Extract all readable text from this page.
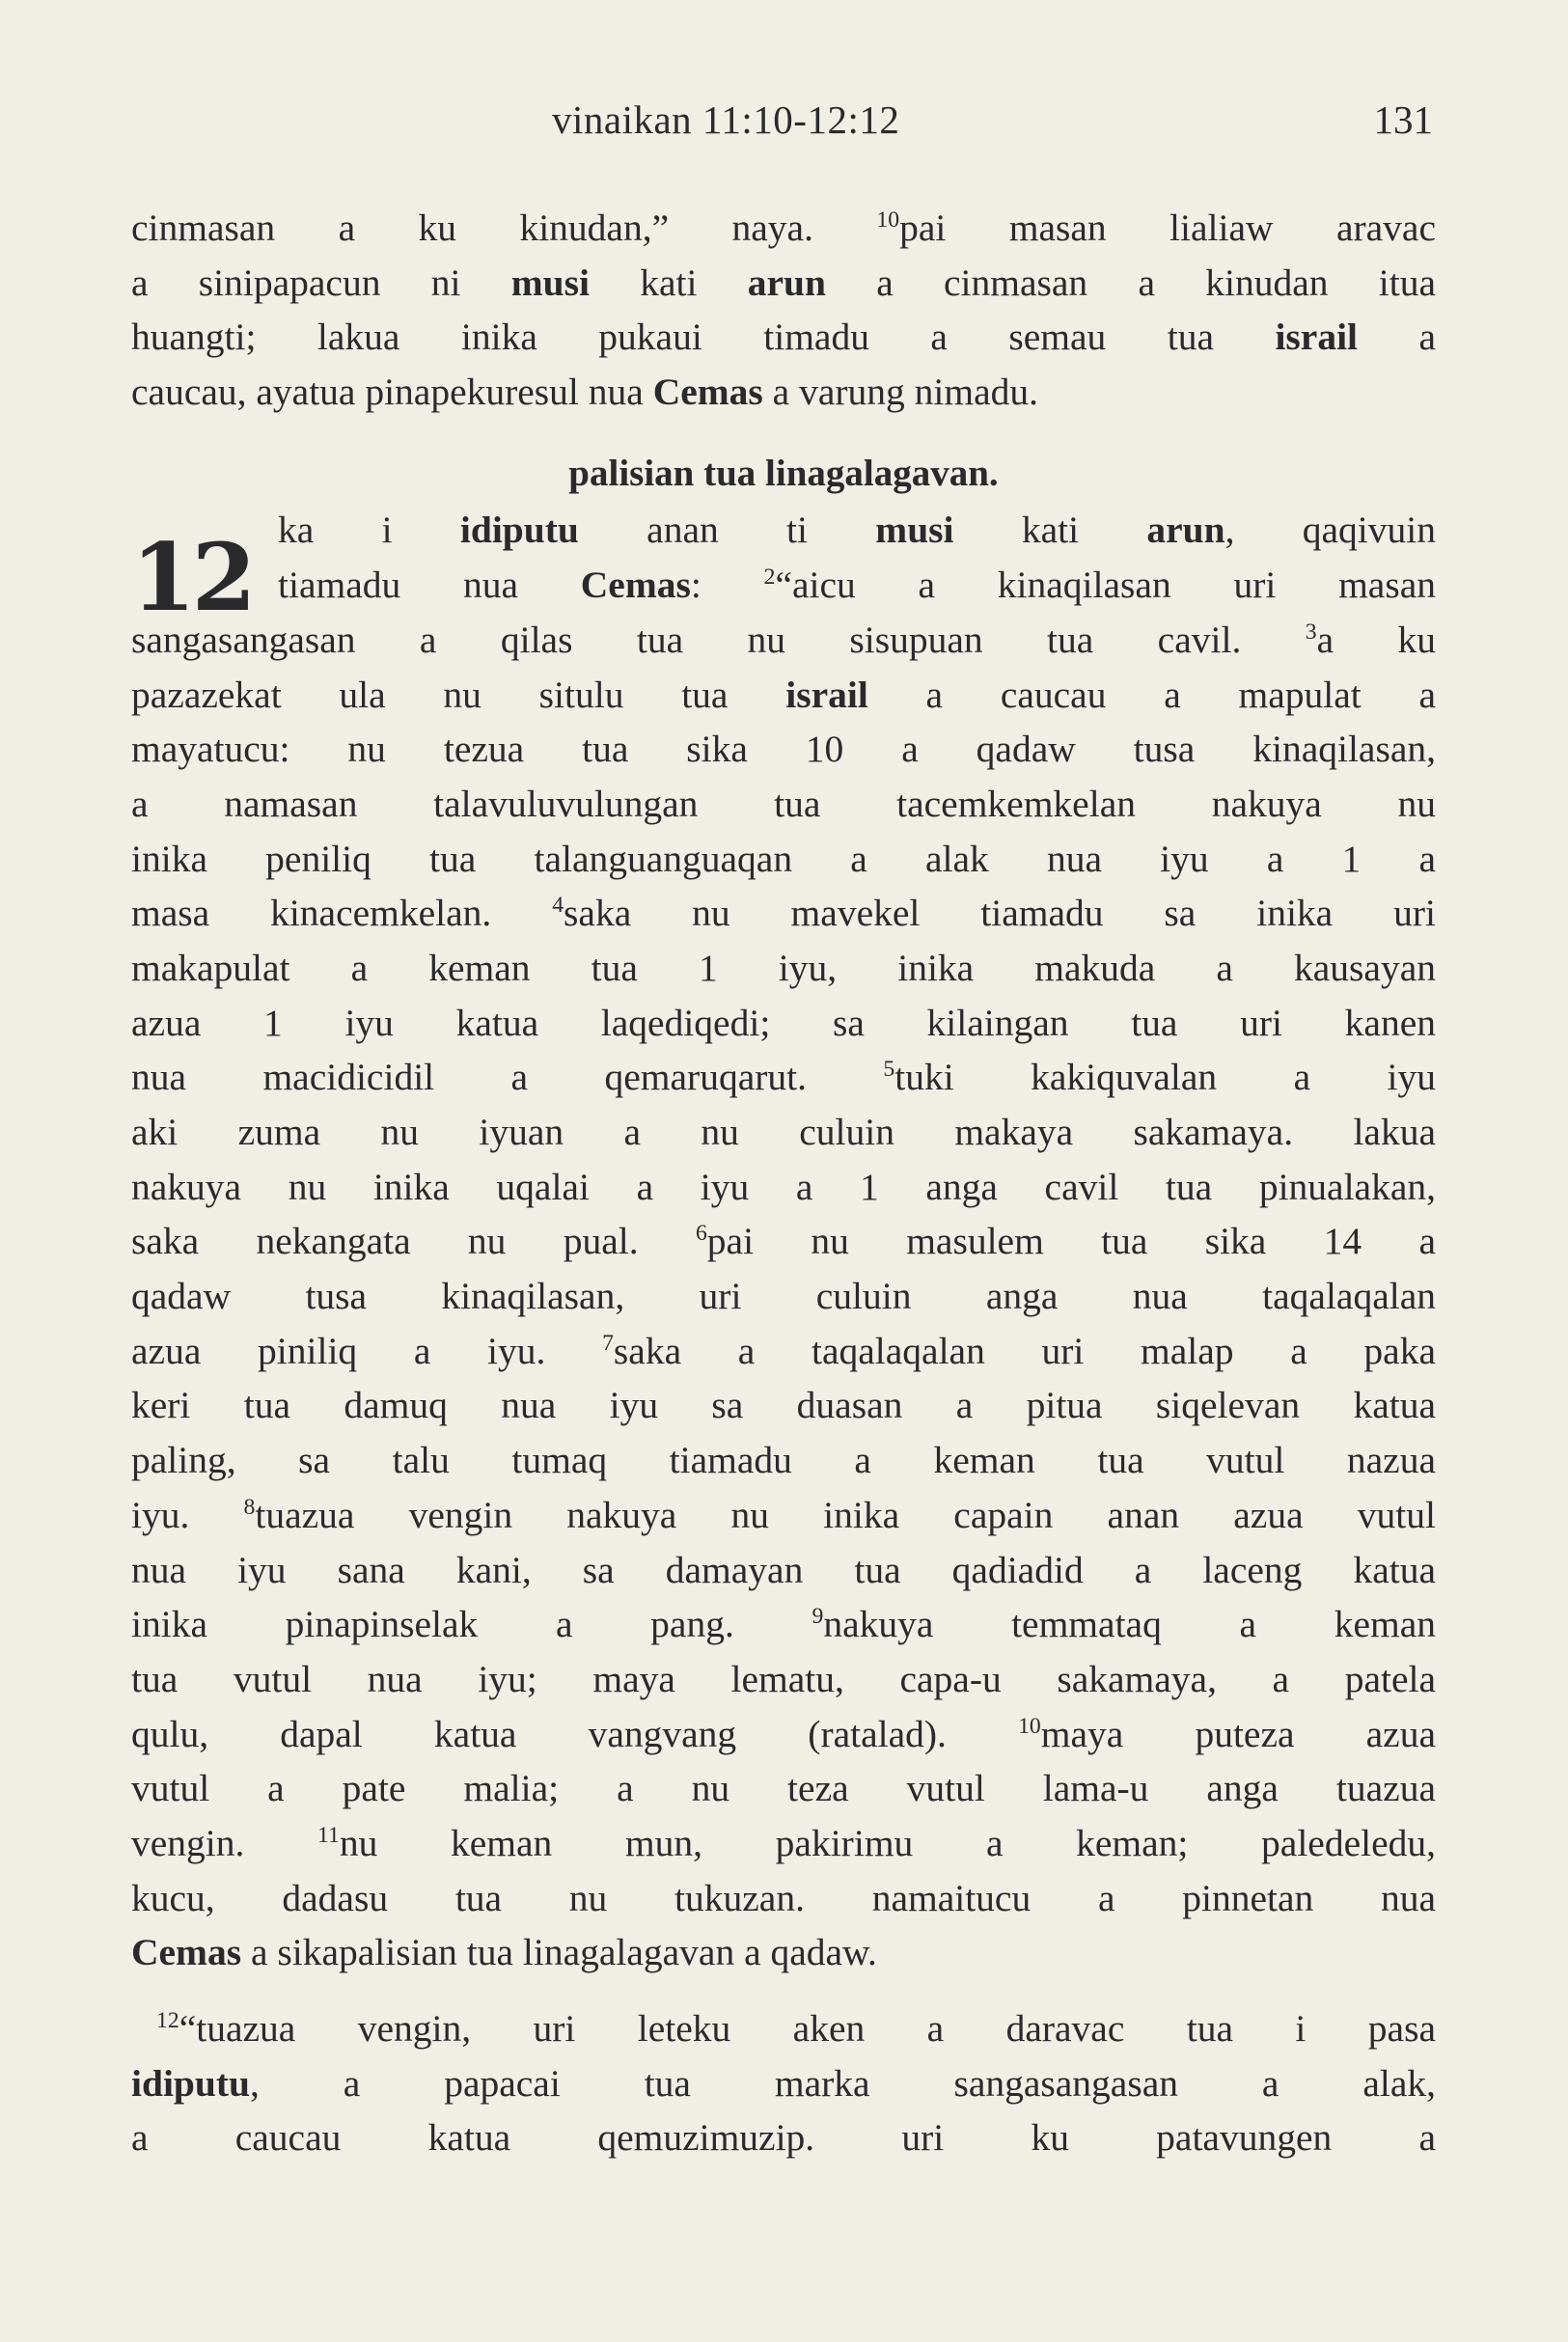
vinaikan 11:10-12:12	131
cinmasan a ku kinudan,” naya. $^{10}$pai masan lialiaw aravac
a sinipapacun ni musi kati arun a cinmasan a kinudan itua
huangti; lakua inika pukaui timadu a semau tua israil a
caucau, ayatua pinapekuresul nua Cemas a varung nimadu.
palisian tua linagalagavan.
12 ka i idiputu anan ti musi kati arun, qaqivuin
tiamadu nua Cemas: $^2$“aicu a kinaqilasan uri masan
sangasangasan a qilas tua nu sisupuan tua cavil. $^3$a ku
pazazekat ula nu situlu tua israil a caucau a mapulat a
mayatucu: nu tezua tua sika 10 a qadaw tusa kinaqilasan,
a namasan talavuluvulungan tua tacemkemkelan nakuya nu
inika peniliq tua talanguanguaqan a alak nua iyu a 1 a
masa kinacemkelan. $^4$saka nu mavekel tiamadu sa inika uri
makapulat a keman tua 1 iyu, inika makuda a kausayan
azua 1 iyu katua laqediqedi; sa kilaingan tua uri kanen
nua macidicidil a qemaruqarut. $^5$tuki kakiquvalan a iyu
aki zuma nu iyuan a nu culuin makaya sakamaya. lakua
nakuya nu inika uqalai a iyu a 1 anga cavil tua pinualakan,
saka nekangata nu pual. $^6$pai nu masulem tua sika 14 a
qadaw tusa kinaqilasan, uri culuin anga nua taqalaqalan
azua piniliq a iyu. $^7$saka a taqalaqalan uri malap a paka
keri tua damuq nua iyu sa duasan a pitua siqelevan katua
paling, sa talu tumaq tiamadu a keman tua vutul nazua
iyu. $^8$tuazua vengin nakuya nu inika capain anan azua vutul
nua iyu sana kani, sa damayan tua qadiadid a laceng katua
inika pinapinselak a pang. $^9$nakuya temmataq a keman
tua vutul nua iyu; maya lematu, capa-u sakamaya, a patela
qulu, dapal katua vangvang (ratalad). $^{10}$maya puteza azua
vutul a pate malia; a nu teza vutul lama-u anga tuazua
vengin. $^{11}$nu keman mun, pakirimu a keman; paledeledu,
kucu, dadasu tua nu tukuzan. namaitucu a pinnetan nua
Cemas a sikapalisian tua linagalagavan a qadaw.
$^{12}$“tuazua vengin, uri leteku aken a daravac tua i pasa
idiputu, a papacai tua marka sangasangasan a alak,
a caucau katua qemuzimuzip. uri ku patavungen a
